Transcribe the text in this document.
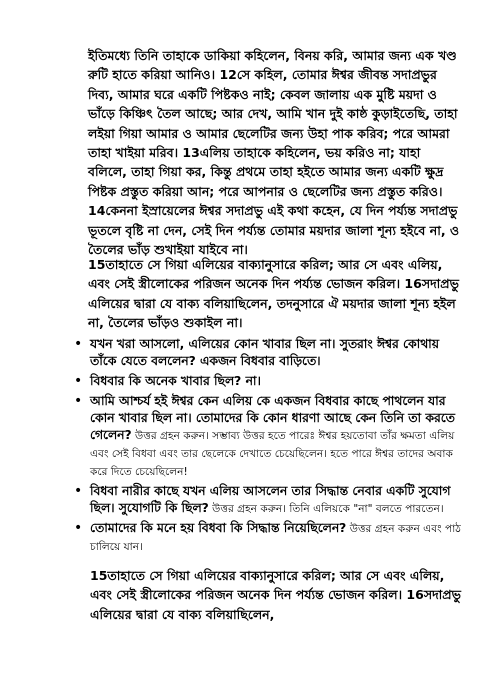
ইতিমধ্যে তিনি তাহাকে ডাকিয়া কহিলেন, বিনয় করি, আমার জন্য এক খণ্ড রুটি হাতে করিয়া আনিও। 12সে কহিল, তোমার ঈশ্বর জীবন্ত সদাপ্রভুর দিব্য, আমার ঘরে একটি পিষ্টকও নাই; কেবল জালায় এক মুষ্টি ময়দা ও ভাঁড়ে কিঞ্চিৎ তৈল আছে; আর দেখ, আমি খান দুই কাষ্ঠ কুড়াইতেছি, তাহা লইয়া গিয়া আমার ও আমার ছেলেটির জন্য উহা পাক করিব; পরে আমরা তাহা খাইয়া মরিব। 13এলিয় তাহাকে কহিলেন, ভয় করিও না; যাহা বলিলে, তাহা গিয়া কর, কিন্তু প্রথমে তাহা হইতে আমার জন্য একটি ক্ষুদ্র পিষ্টক প্রস্তুত করিয়া আন; পরে আপনার ও ছেলেটির জন্য প্রস্তুত করিও। 14কেননা ইস্রায়েলের ঈশ্বর সদাপ্রভু এই কথা কহেন, যে দিন পর্য্যন্ত সদাপ্রভু ভূতলে বৃষ্টি না দেন, সেই দিন পর্য্যন্ত তোমার ময়দার জালা শূন্য হইবে না, ও তৈলের ভাঁড় শুখাইয়া যাইবে না।

15তাহাতে সে গিয়া এলিয়ের বাক্যানুসারে করিল; আর সে এবং এলিয়, এবং সেই স্ত্রীলোকের পরিজন অনেক দিন পর্য্যন্ত ভোজন করিল। 16সদাপ্রভু এলিয়ের দ্বারা যে বাক্য বলিয়াছিলেন, তদনুসারে ঐ ময়দার জালা শূন্য হইল না, তৈলের ভাঁড়ও শুকাইল না।

• যখন খরা আসলো, এলিয়ের কোন খাবার ছিল না। সুতরাং ঈশ্বর কোথায় তাঁকে যেতে বললেন? একজন বিধবার বাড়িতে।
• বিধবার কি অনেক খাবার ছিল? না।
• আমি আশ্চর্য হই ঈশ্বর কেন এলিয় কে একজন বিধবার কাছে পাথলেন যার কোন খাবার ছিল না। তোমাদের কি কোন ধারণা আছে কেন তিনি তা করতে গেলেন? উত্তর গ্রহন করুন। সম্ভাব্য উত্তর হতে পারেঃ ঈশ্বর হয়তোবা তাঁর ক্ষমতা এলিয় এবং সেই বিধবা এবং তার ছেলেকে দেখাতে চেয়েছিলেন। হতে পারে ঈশ্বর তাদের অবাক করে দিতে চেয়েছিলেন!
• বিধবা নারীর কাছে যখন এলিয় আসলেন তার সিদ্ধান্ত নেবার একটি সুযোগ ছিল। সুযোগটি কি ছিল? উত্তর গ্রহন করুন। তিনি এলিয়কে "না" বলতে পারতেন।
• তোমাদের কি মনে হয় বিধবা কি সিদ্ধান্ত নিয়েছিলেন? উত্তর গ্রহন করুন এবং পাঠ চালিয়ে যান।

15তাহাতে সে গিয়া এলিয়ের বাক্যানুসারে করিল; আর সে এবং এলিয়, এবং সেই স্ত্রীলোকের পরিজন অনেক দিন পর্য্যন্ত ভোজন করিল। 16সদাপ্রভু এলিয়ের দ্বারা যে বাক্য বলিয়াছিলেন,
